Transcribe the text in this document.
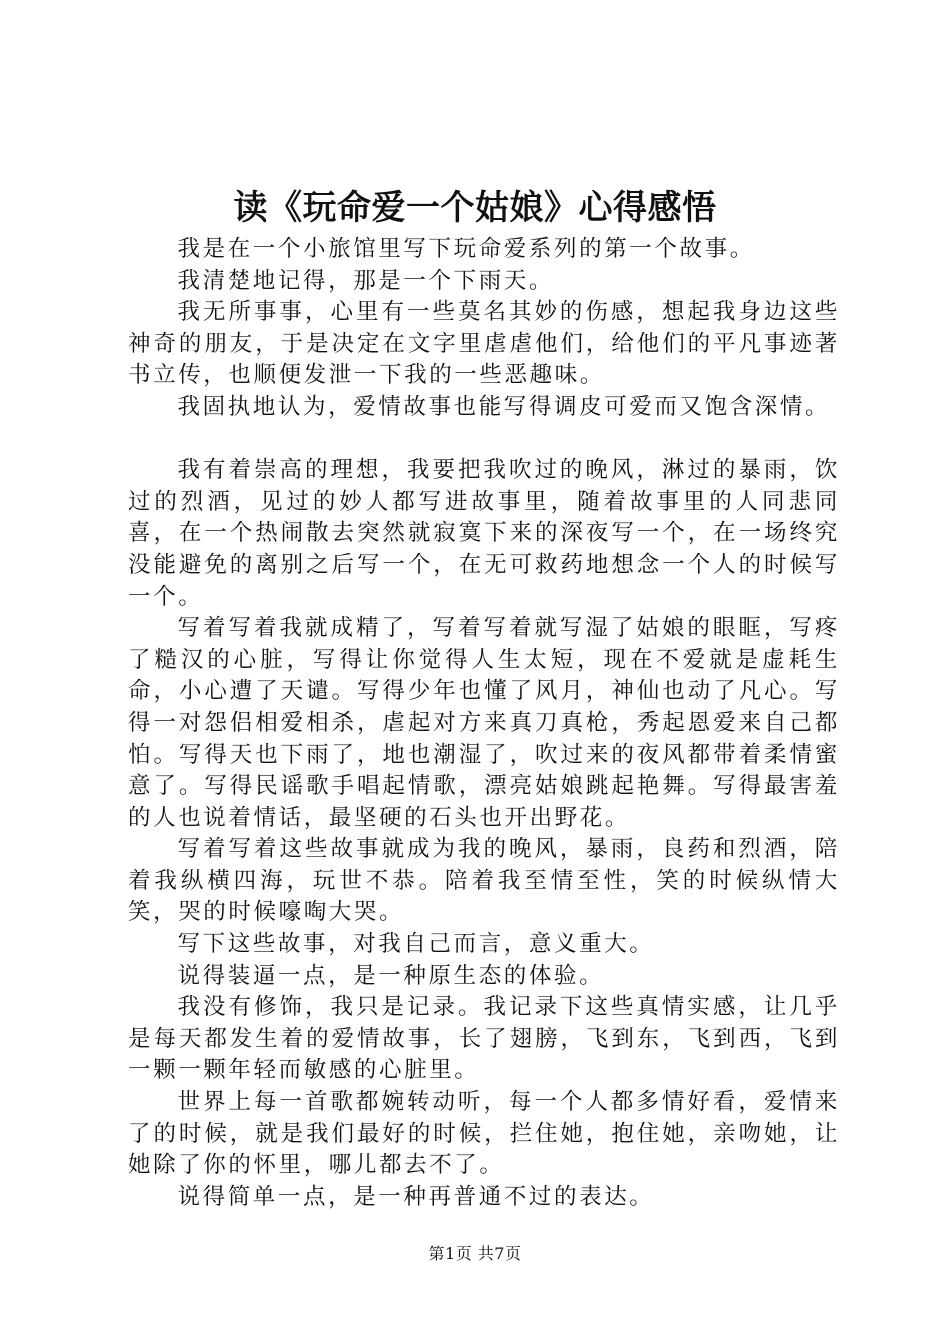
读《玩命爱一个姑娘》心得感悟

我是在一个小旅馆里写下玩命爱系列的第一个故事。

我清楚地记得，那是一个下雨天。

我无所事事，心里有一些莫名其妙的伤感，想起我身边这些神奇的朋友，于是决定在文字里虐虐他们，给他们的平凡事迹著书立传，也顺便发泄一下我的一些恶趣味。

我固执地认为，爱情故事也能写得调皮可爱而又饱含深情。

我有着崇高的理想，我要把我吹过的晚风，淋过的暴雨，饮过的烈酒，见过的妙人都写进故事里，随着故事里的人同悲同喜，在一个热闹散去突然就寂寞下来的深夜写一个，在一场终究没能避免的离别之后写一个，在无可救药地想念一个人的时候写一个。

写着写着我就成精了，写着写着就写湿了姑娘的眼眶，写疼了糙汉的心脏，写得让你觉得人生太短，现在不爱就是虚耗生命，小心遭了天谴。写得少年也懂了风月，神仙也动了凡心。写得一对怨侣相爱相杀，虐起对方来真刀真枪，秀起恩爱来自己都怕。写得天也下雨了，地也潮湿了，吹过来的夜风都带着柔情蜜意了。写得民谣歌手唱起情歌，漂亮姑娘跳起艳舞。写得最害羞的人也说着情话，最坚硬的石头也开出野花。

写着写着这些故事就成为我的晚风，暴雨，良药和烈酒，陪着我纵横四海，玩世不恭。陪着我至情至性，笑的时候纵情大笑，哭的时候嚎啕大哭。

写下这些故事，对我自己而言，意义重大。

说得装逼一点，是一种原生态的体验。

我没有修饰，我只是记录。我记录下这些真情实感，让几乎是每天都发生着的爱情故事，长了翅膀，飞到东，飞到西，飞到一颗一颗年轻而敏感的心脏里。

世界上每一首歌都婉转动听，每一个人都多情好看，爱情来了的时候，就是我们最好的时候，拦住她，抱住她，亲吻她，让她除了你的怀里，哪儿都去不了。

说得简单一点，是一种再普通不过的表达。

第1页 共7页
